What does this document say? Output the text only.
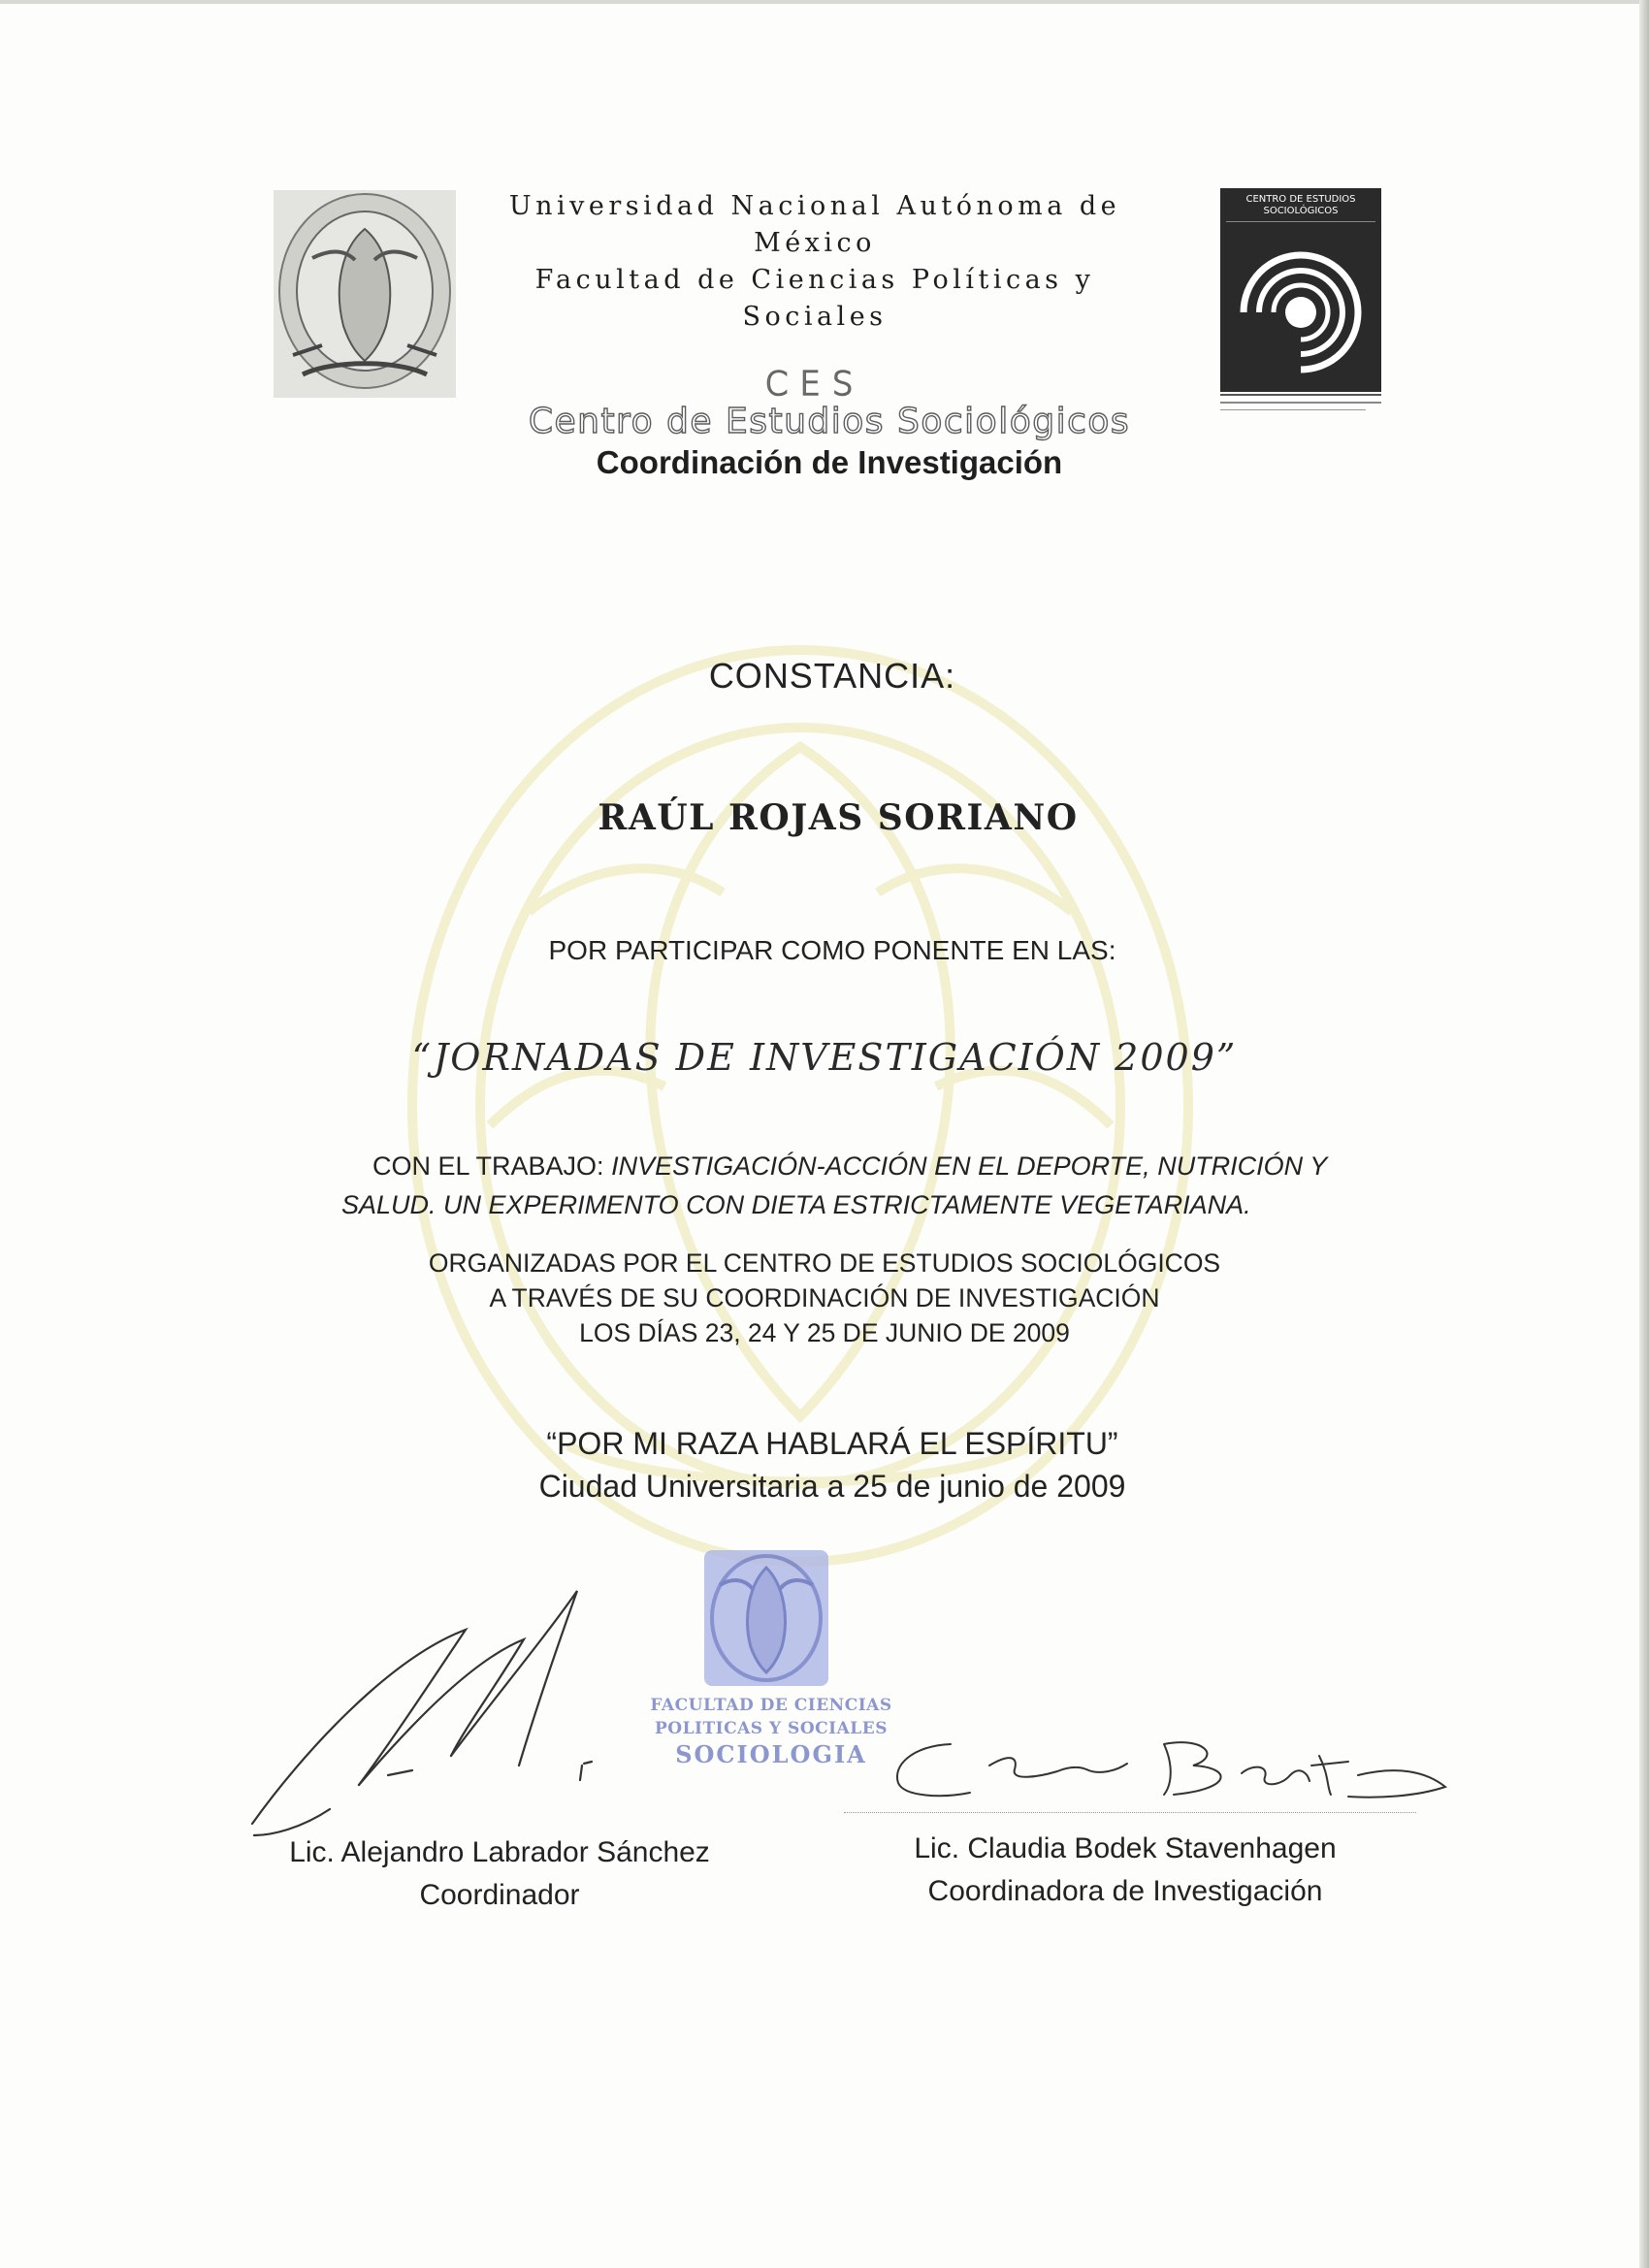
Universidad Nacional Autónoma de
México
Facultad de Ciencias Políticas y
Sociales
CES
Centro de Estudios Sociológicos
Coordinación de Investigación
CENTRO DE ESTUDIOS
SOCIOLÓGICOS
CONSTANCIA:
RAÚL ROJAS SORIANO
POR PARTICIPAR COMO PONENTE EN LAS:
“JORNADAS DE INVESTIGACIÓN 2009”
CON EL TRABAJO: INVESTIGACIÓN-ACCIÓN EN EL DEPORTE, NUTRICIÓN Y
SALUD. UN EXPERIMENTO CON DIETA ESTRICTAMENTE VEGETARIANA.
ORGANIZADAS POR EL CENTRO DE ESTUDIOS SOCIOLÓGICOS
A TRAVÉS DE SU COORDINACIÓN DE INVESTIGACIÓN
LOS DÍAS 23, 24 Y 25 DE JUNIO DE 2009
“POR MI RAZA HABLARÁ EL ESPÍRITU”
Ciudad Universitaria a 25 de junio de 2009
FACULTAD DE CIENCIAS
POLITICAS Y SOCIALES
SOCIOLOGIA
Lic. Alejandro Labrador Sánchez
Coordinador
Lic. Claudia Bodek Stavenhagen
Coordinadora de Investigación
